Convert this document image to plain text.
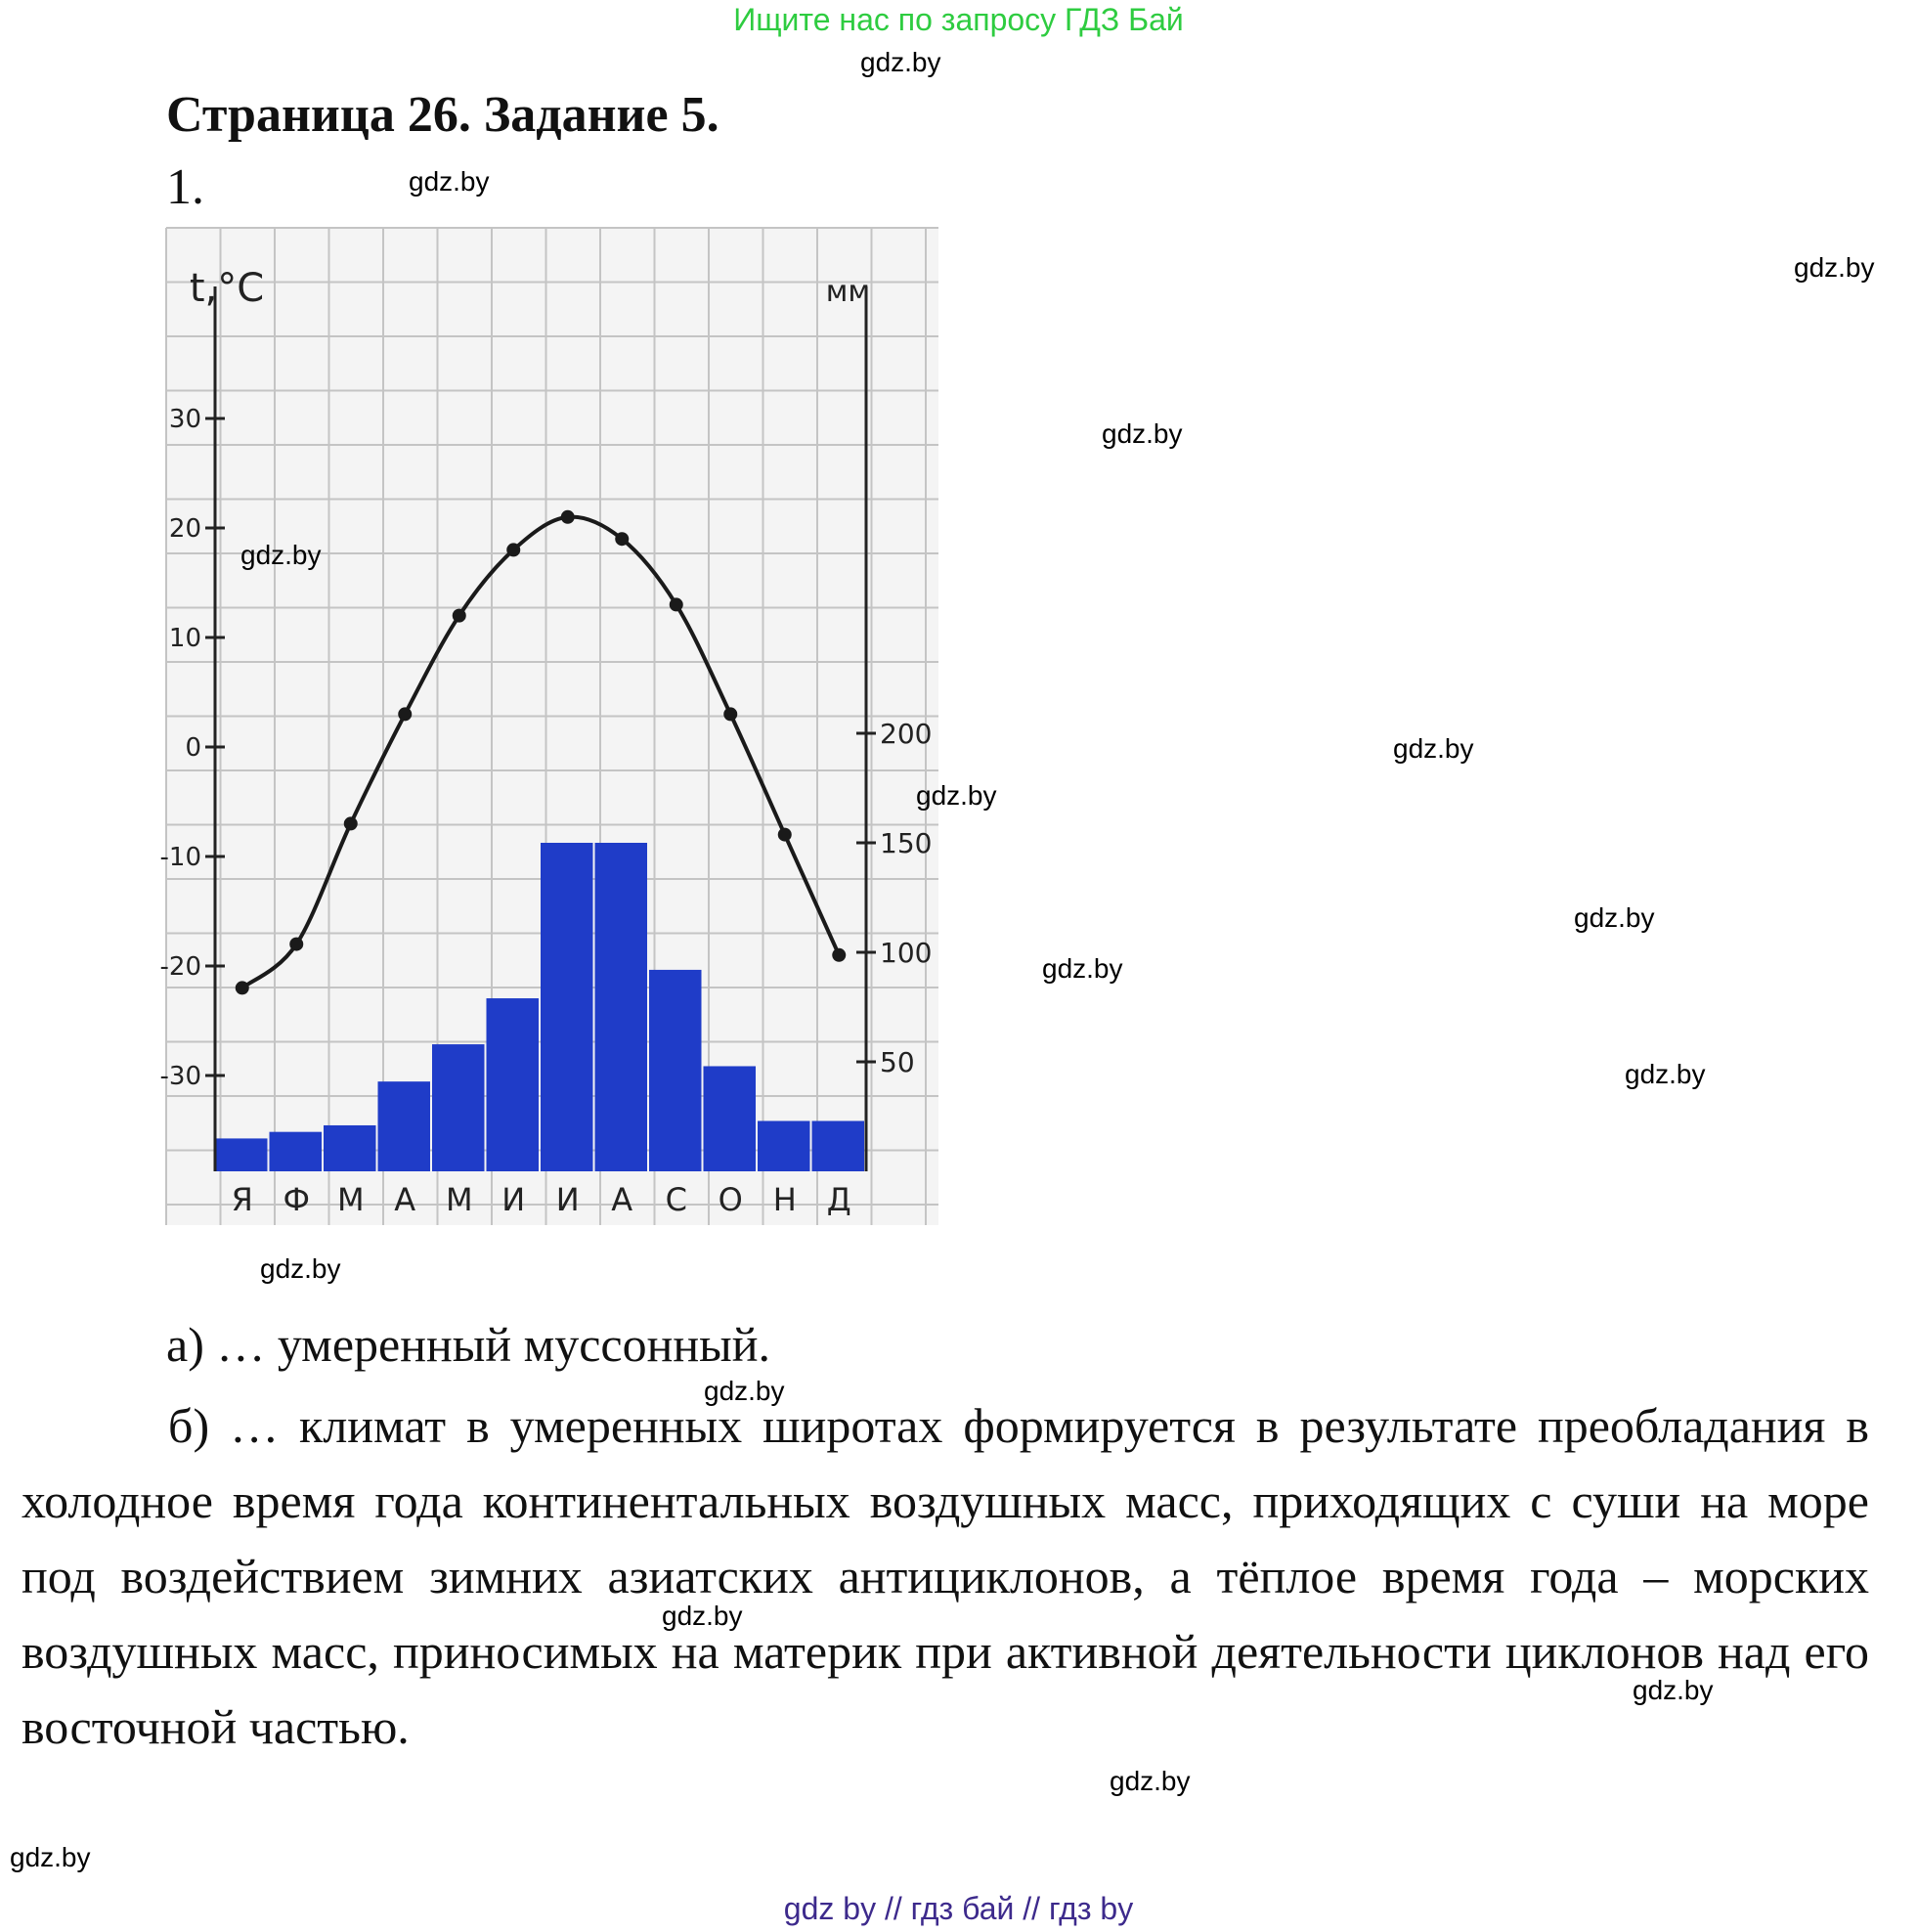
Ищите нас по запросу ГДЗ Бай
Страница 26. Задание 5.
1.
t,°C	мм
30
20
10
0
-10
-20
-30
200
150
100
50
Я Ф М А М И И А С О Н Д
а) … умеренный муссонный.
б) … климат в умеренных широтах формируется в результате преобладания в холодное время года континентальных воздушных масс, приходящих с суши на море под воздействием зимних азиатских антициклонов, а тёплое время года – морских воздушных масс, приносимых на материк при активной деятельности циклонов над его восточной частью.
gdz.by
gdz.by
gdz.by
gdz.by
gdz.by
gdz.by
gdz.by
gdz.by
gdz.by
gdz.by
gdz.by
gdz.by
gdz.by
gdz.by
gdz.by
gdz.by
gdz by // гдз бай // гдз by
